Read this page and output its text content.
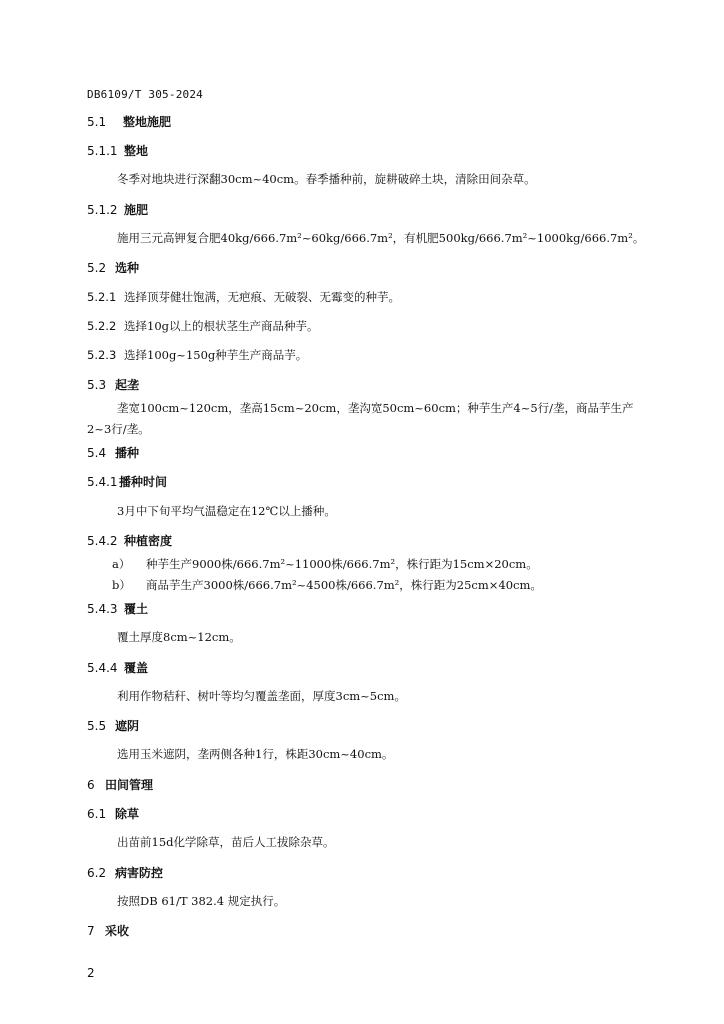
DB6109/T 305-2024
5.1 整地施肥
5.1.1 整地
冬季对地块进行深翻30cm~40cm。春季播种前，旋耕破碎土块，清除田间杂草。
5.1.2 施肥
施用三元高钾复合肥40kg/666.7m²~60kg/666.7m²，有机肥500kg/666.7m²~1000kg/666.7m²。
5.2 选种
5.2.1 选择顶芽健壮饱满，无疤痕、无破裂、无霉变的种芋。
5.2.2 选择10g以上的根状茎生产商品种芋。
5.2.3 选择100g~150g种芋生产商品芋。
5.3 起垄
垄宽100cm~120cm，垄高15cm~20cm，垄沟宽50cm~60cm；种芋生产4~5行/垄，商品芋生产2~3行/垄。
5.4 播种
5.4.1播种时间
3月中下旬平均气温稳定在12℃以上播种。
5.4.2 种植密度
a） 种芋生产9000株/666.7m²~11000株/666.7m²，株行距为15cm×20cm。
b） 商品芋生产3000株/666.7m²~4500株/666.7m²，株行距为25cm×40cm。
5.4.3 覆土
覆土厚度8cm~12cm。
5.4.4 覆盖
利用作物秸秆、树叶等均匀覆盖垄面，厚度3cm~5cm。
5.5 遮阴
选用玉米遮阴，垄两侧各种1行，株距30cm~40cm。
6 田间管理
6.1 除草
出苗前15d化学除草，苗后人工拔除杂草。
6.2 病害防控
按照DB 61/T 382.4 规定执行。
7 采收
2
